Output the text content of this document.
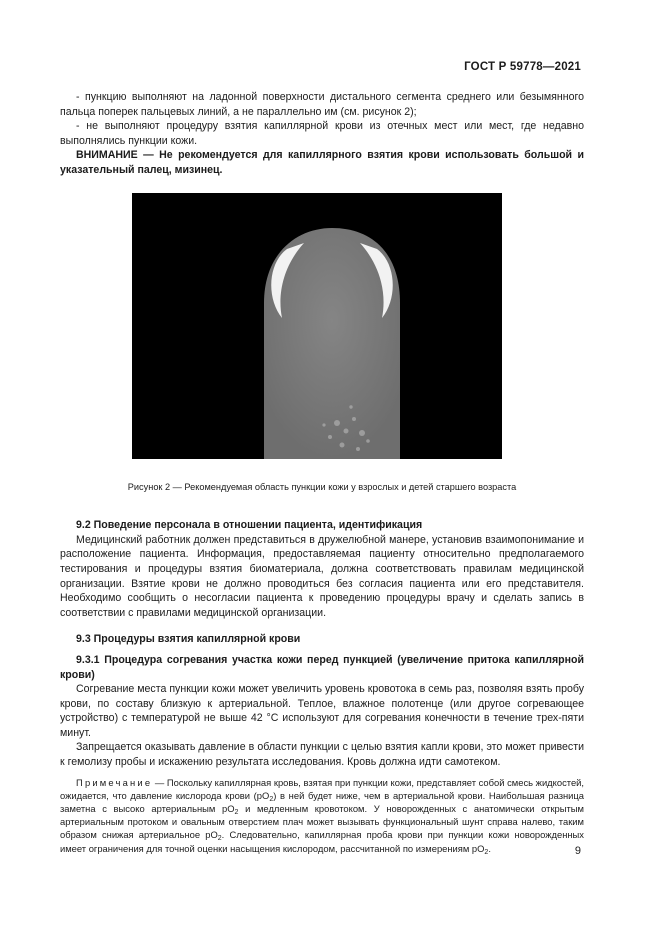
ГОСТ Р 59778—2021

- пункцию выполняют на ладонной поверхности дистального сегмента среднего или безымянного пальца поперек пальцевых линий, а не параллельно им (см. рисунок 2);

- не выполняют процедуру взятия капиллярной крови из отечных мест или мест, где недавно выполнялись пункции кожи.

ВНИМАНИЕ — Не рекомендуется для капиллярного взятия крови использовать большой и указательный палец, мизинец.

Рисунок 2 — Рекомендуемая область пункции кожи у взрослых и детей старшего возраста

9.2 Поведение персонала в отношении пациента, идентификация

Медицинский работник должен представиться в дружелюбной манере, установив взаимопонимание и расположение пациента. Информация, предоставляемая пациенту относительно предполагаемого тестирования и процедуры взятия биоматериала, должна соответствовать правилам медицинской организации. Взятие крови не должно проводиться без согласия пациента или его представителя. Необходимо сообщить о несогласии пациента к проведению процедуры врачу и сделать запись в соответствии с правилами медицинской организации.

9.3 Процедуры взятия капиллярной крови

9.3.1 Процедура согревания участка кожи перед пункцией (увеличение притока капиллярной крови)

Согревание места пункции кожи может увеличить уровень кровотока в семь раз, позволяя взять пробу крови, по составу близкую к артериальной. Теплое, влажное полотенце (или другое согревающее устройство) с температурой не выше 42 °С используют для согревания конечности в течение трех-пяти минут.

Запрещается оказывать давление в области пункции с целью взятия капли крови, это может привести к гемолизу пробы и искажению результата исследования. Кровь должна идти самотеком.

Примечание — Поскольку капиллярная кровь, взятая при пункции кожи, представляет собой смесь жидкостей, ожидается, что давление кислорода крови $(pO_2)$ в ней будет ниже, чем в артериальной крови. Наибольшая разница заметна с высоко артериальным $pO_2$ и медленным кровотоком. У новорожденных с анатомически открытым артериальным протоком и овальным отверстием плач может вызывать функциональный шунт справа налево, таким образом снижая артериальное $pO_2$. Следовательно, капиллярная проба крови при пункции кожи новорожденных имеет ограничения для точной оценки насыщения кислородом, рассчитанной по измерениям $pO_2$.	9
